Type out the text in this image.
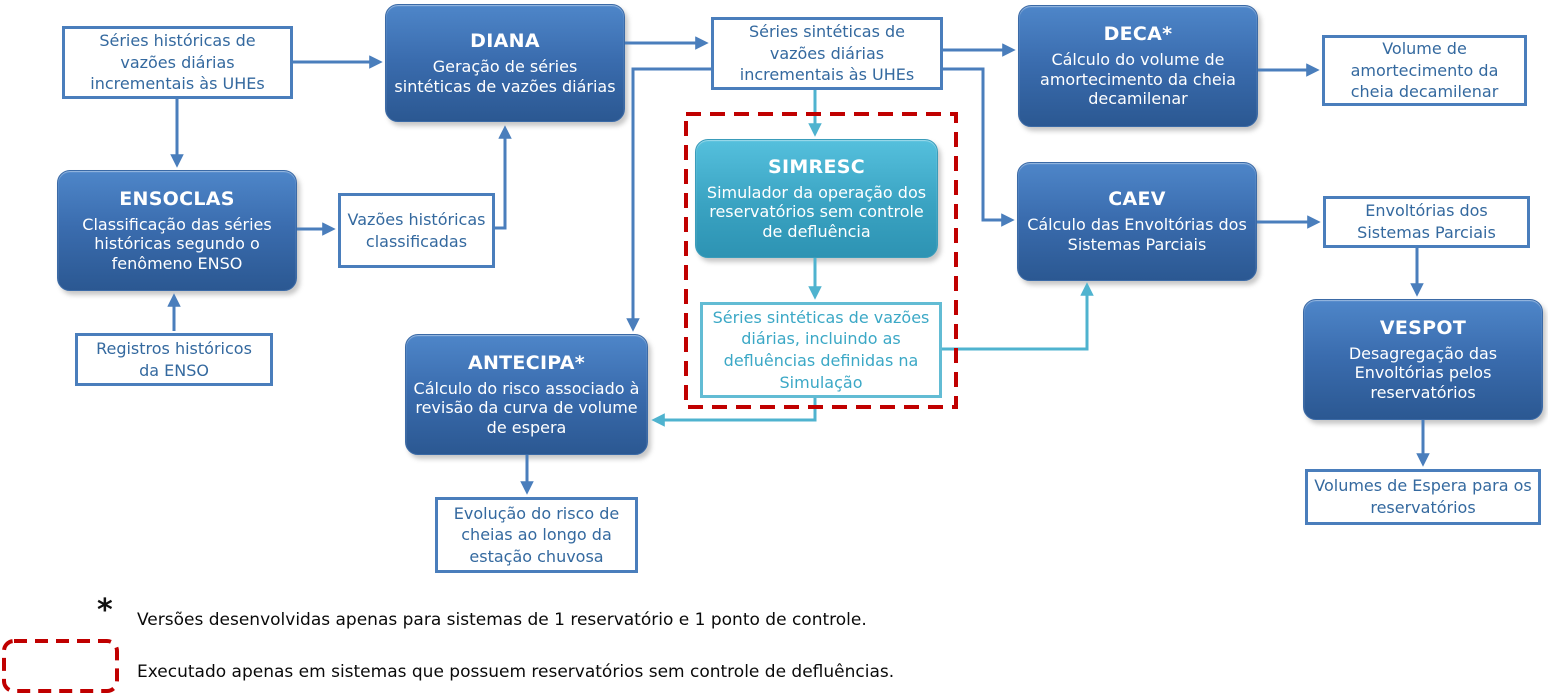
Séries históricas de vazões diárias incrementais às UHEs
Séries sintéticas de vazões diárias incrementais às UHEs
Volume de amortecimento da cheia decamilenar
Vazões históricas classificadas
Envoltórias dos Sistemas Parciais
Registros históricos da ENSO
Séries sintéticas de vazões diárias, incluindo as defluências definidas na Simulação
Evolução do risco de cheias ao longo da estação chuvosa
Volumes de Espera para os reservatórios
DIANA
Geração de séries sintéticas de vazões diárias
ENSOCLAS
Classificação das séries históricas segundo o fenômeno ENSO
SIMRESC
Simulador da operação dos reservatórios sem controle de defluência
ANTECIPA*
Cálculo do risco associado à revisão da curva de volume de espera
DECA*
Cálculo do volume de amortecimento da cheia decamilenar
CAEV
Cálculo das Envoltórias dos Sistemas Parciais
VESPOT
Desagregação das Envoltórias pelos reservatórios
* Versões desenvolvidas apenas para sistemas de 1 reservatório e 1 ponto de controle.
Executado apenas em sistemas que possuem reservatórios sem controle de defluências.
